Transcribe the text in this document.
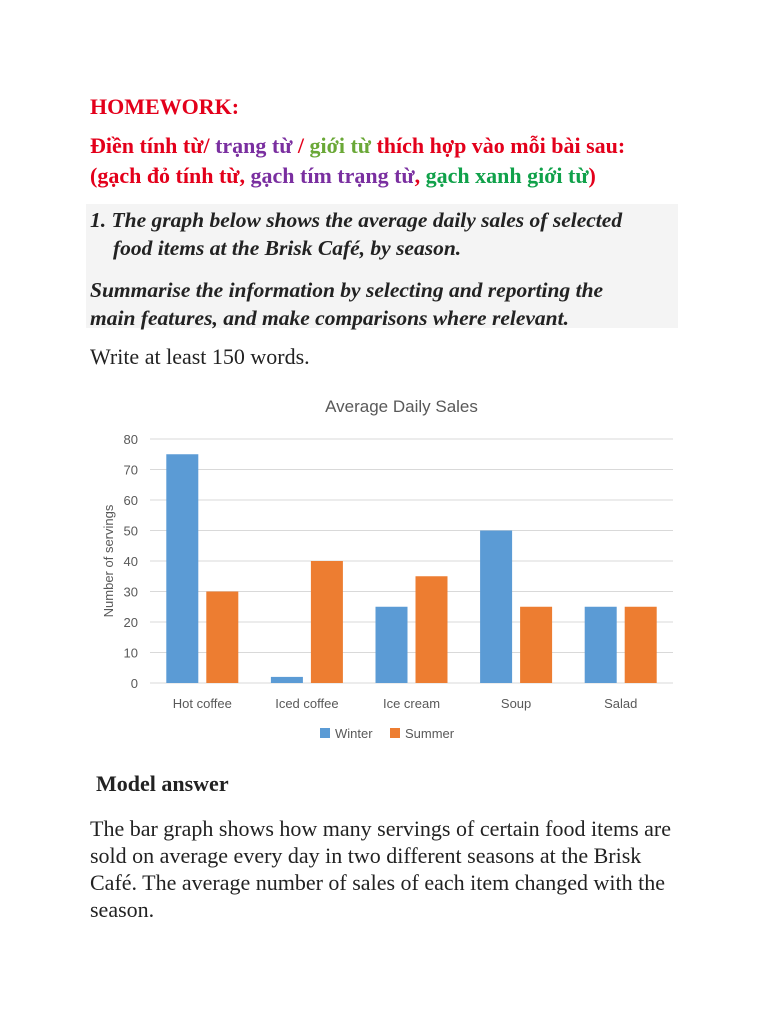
HOMEWORK:
Điền tính từ/ trạng từ / giới từ thích hợp vào mỗi bài sau:
(gạch đỏ tính từ, gạch tím trạng từ, gạch xanh giới từ)
1. The graph below shows the average daily sales of selected
food items at the Brisk Café, by season.
Summarise the information by selecting and reporting the
main features, and make comparisons where relevant.
Write at least 150 words.
Average Daily Sales
0
10
20
30
40
50
60
70
80
Number of servings
Hot coffee	Iced coffee	Ice cream	Soup	Salad
Winter Summer
Model answer
The bar graph shows how many servings of certain food items are sold on average every day in two different seasons at the Brisk Café. The average number of sales of each item changed with the season.
